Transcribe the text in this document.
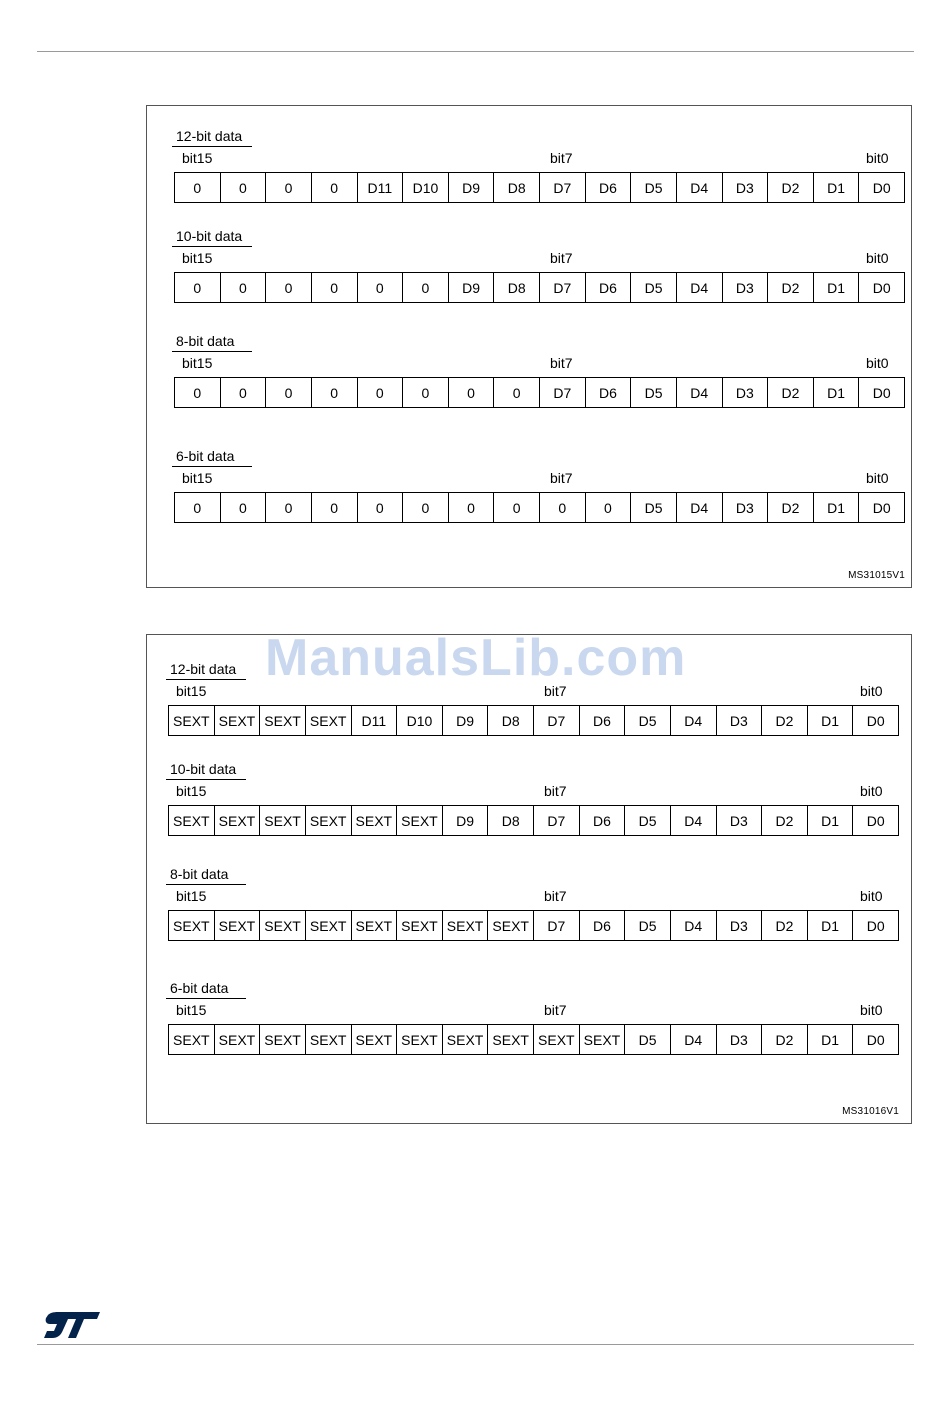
12-bit data
bit15	bit7	bit0
0	0	0	0	D11	D10	D9	D8	D7	D6	D5	D4	D3	D2	D1	D0
10-bit data
bit15	bit7	bit0
0	0	0	0	0	0	D9	D8	D7	D6	D5	D4	D3	D2	D1	D0
8-bit data
bit15	bit7	bit0
0	0	0	0	0	0	0	0	D7	D6	D5	D4	D3	D2	D1	D0
6-bit data
bit15	bit7	bit0
0	0	0	0	0	0	0	0	0	0	D5	D4	D3	D2	D1	D0
MS31015V1
12-bit data
bit15	bit7	bit0
SEXT SEXT SEXT SEXT	D11	D10	D9	D8	D7	D6	D5	D4	D3	D2	D1	D0
10-bit data
bit15	bit7	bit0
SEXT SEXT SEXT SEXT SEXT SEXT	D9	D8	D7	D6	D5	D4	D3	D2	D1	D0
8-bit data
bit15	bit7	bit0
SEXT SEXT SEXT SEXT SEXT SEXT SEXT SEXT	D7	D6	D5	D4	D3	D2	D1	D0
6-bit data
bit15	bit7	bit0
SEXT SEXT SEXT SEXT SEXT SEXT SEXT SEXT SEXT SEXT	D5	D4	D3	D2	D1	D0
MS31016V1
ManualsLib.com
